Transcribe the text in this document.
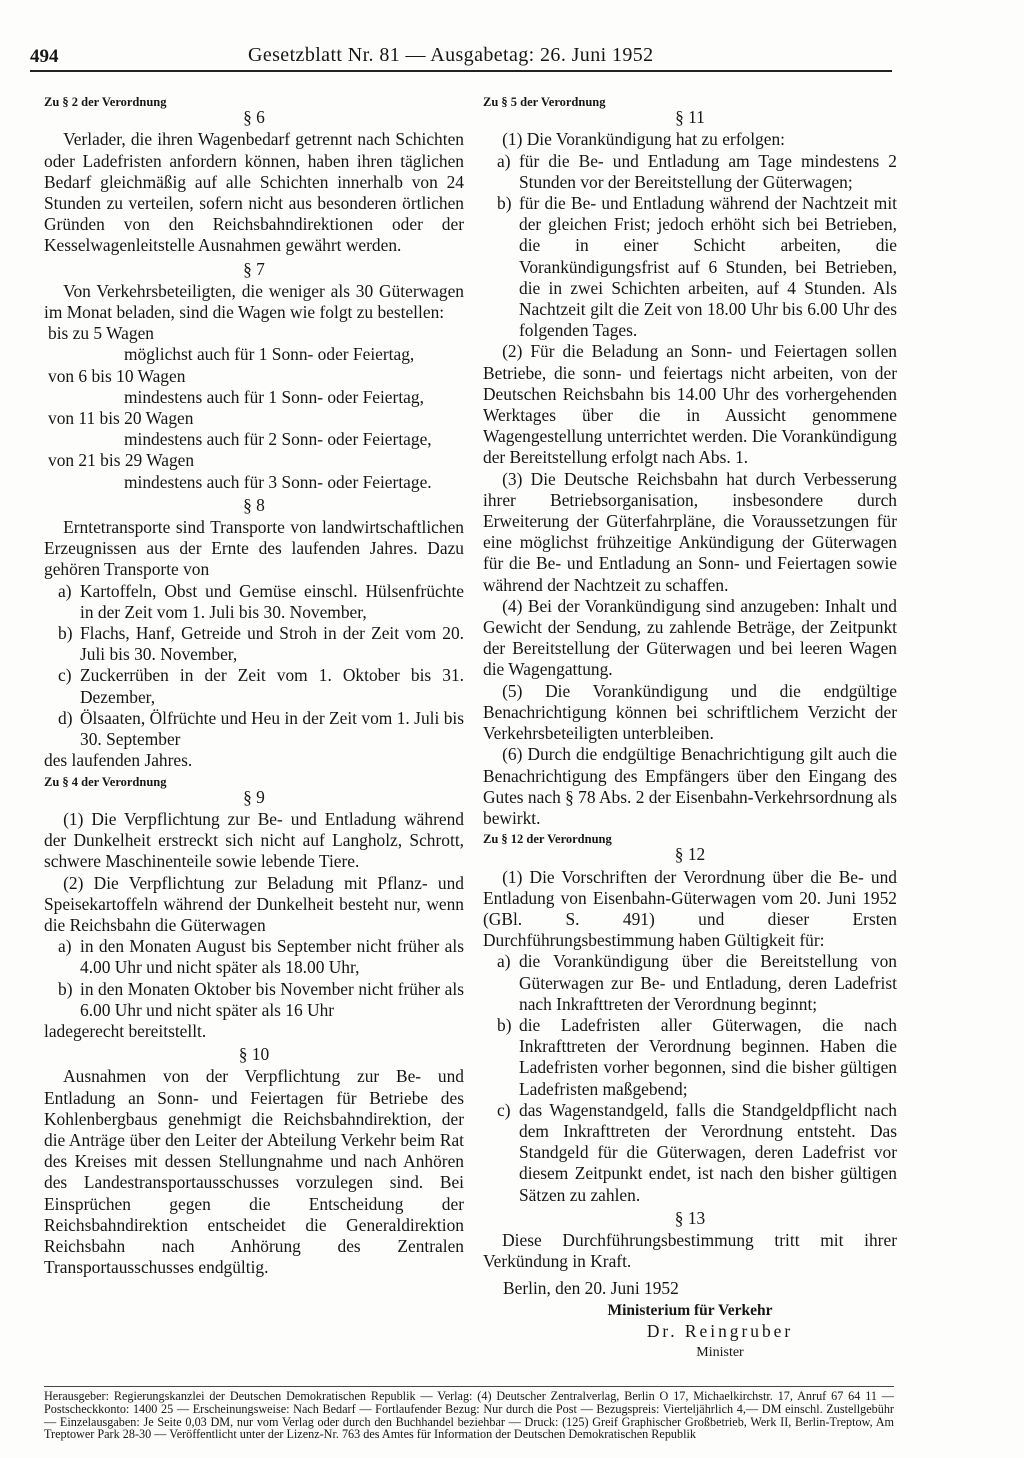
494	Gesetzblatt Nr. 81 — Ausgabetag: 26. Juni 1952
Zu § 2 der Verordnung
§ 6

Verlader, die ihren Wagenbedarf getrennt nach Schichten oder Ladefristen anfordern können, haben ihren täglichen Bedarf gleichmäßig auf alle Schichten innerhalb von 24 Stunden zu verteilen, sofern nicht aus besonderen örtlichen Gründen von den Reichsbahndirektionen oder der Kesselwagenleitstelle Ausnahmen gewährt werden.

§ 7

Von Verkehrsbeteiligten, die weniger als 30 Güterwagen im Monat beladen, sind die Wagen wie folgt zu bestellen:

bis zu 5 Wagen
möglichst auch für 1 Sonn- oder Feiertag,
von 6 bis 10 Wagen
mindestens auch für 1 Sonn- oder Feiertag,
von 11 bis 20 Wagen
mindestens auch für 2 Sonn- oder Feiertage,
von 21 bis 29 Wagen
mindestens auch für 3 Sonn- oder Feiertage.
§ 8

Erntetransporte sind Transporte von landwirtschaftlichen Erzeugnissen aus der Ernte des laufenden Jahres. Dazu gehören Transporte von

a) Kartoffeln, Obst und Gemüse einschl. Hülsenfrüchte in der Zeit vom 1. Juli bis 30. November,
b) Flachs, Hanf, Getreide und Stroh in der Zeit vom 20. Juli bis 30. November,
c) Zuckerrüben in der Zeit vom 1. Oktober bis 31. Dezember,
d) Ölsaaten, Ölfrüchte und Heu in der Zeit vom 1. Juli bis 30. September

des laufenden Jahres.

Zu § 4 der Verordnung
§ 9

(1) Die Verpflichtung zur Be- und Entladung während der Dunkelheit erstreckt sich nicht auf Langholz, Schrott, schwere Maschinenteile sowie lebende Tiere.

(2) Die Verpflichtung zur Beladung mit Pflanz- und Speisekartoffeln während der Dunkelheit besteht nur, wenn die Reichsbahn die Güterwagen

a) in den Monaten August bis September nicht früher als 4.00 Uhr und nicht später als 18.00 Uhr,
b) in den Monaten Oktober bis November nicht früher als 6.00 Uhr und nicht später als 16 Uhr

ladegerecht bereitstellt.

§ 10

Ausnahmen von der Verpflichtung zur Be- und Entladung an Sonn- und Feiertagen für Betriebe des Kohlenbergbaus genehmigt die Reichsbahndirektion, der die Anträge über den Leiter der Abteilung Verkehr beim Rat des Kreises mit dessen Stellungnahme und nach Anhören des Landestransportausschusses vorzulegen sind. Bei Einsprüchen gegen die Entscheidung der Reichsbahndirektion entscheidet die Generaldirektion Reichsbahn nach Anhörung des Zentralen Transportausschusses endgültig.

Zu § 5 der Verordnung
§ 11

(1) Die Vorankündigung hat zu erfolgen:

a) für die Be- und Entladung am Tage mindestens 2 Stunden vor der Bereitstellung der Güterwagen;
b) für die Be- und Entladung während der Nachtzeit mit der gleichen Frist; jedoch erhöht sich bei Betrieben, die in einer Schicht arbeiten, die Vorankündigungsfrist auf 6 Stunden, bei Betrieben, die in zwei Schichten arbeiten, auf 4 Stunden. Als Nachtzeit gilt die Zeit von 18.00 Uhr bis 6.00 Uhr des folgenden Tages.

(2) Für die Beladung an Sonn- und Feiertagen sollen Betriebe, die sonn- und feiertags nicht arbeiten, von der Deutschen Reichsbahn bis 14.00 Uhr des vorhergehenden Werktages über die in Aussicht genommene Wagengestellung unterrichtet werden. Die Vorankündigung der Bereitstellung erfolgt nach Abs. 1.

(3) Die Deutsche Reichsbahn hat durch Verbesserung ihrer Betriebsorganisation, insbesondere durch Erweiterung der Güterfahrpläne, die Voraussetzungen für eine möglichst frühzeitige Ankündigung der Güterwagen für die Be- und Entladung an Sonn- und Feiertagen sowie während der Nachtzeit zu schaffen.

(4) Bei der Vorankündigung sind anzugeben: Inhalt und Gewicht der Sendung, zu zahlende Beträge, der Zeitpunkt der Bereitstellung der Güterwagen und bei leeren Wagen die Wagengattung.

(5) Die Vorankündigung und die endgültige Benachrichtigung können bei schriftlichem Verzicht der Verkehrsbeteiligten unterbleiben.

(6) Durch die endgültige Benachrichtigung gilt auch die Benachrichtigung des Empfängers über den Eingang des Gutes nach § 78 Abs. 2 der Eisenbahn-Verkehrsordnung als bewirkt.

Zu § 12 der Verordnung
§ 12

(1) Die Vorschriften der Verordnung über die Be- und Entladung von Eisenbahn-Güterwagen vom 20. Juni 1952 (GBl. S. 491) und dieser Ersten Durchführungsbestimmung haben Gültigkeit für:

a) die Vorankündigung über die Bereitstellung von Güterwagen zur Be- und Entladung, deren Ladefrist nach Inkrafttreten der Verordnung beginnt;
b) die Ladefristen aller Güterwagen, die nach Inkrafttreten der Verordnung beginnen. Haben die Ladefristen vorher begonnen, sind die bisher gültigen Ladefristen maßgebend;
c) das Wagenstandgeld, falls die Standgeldpflicht nach dem Inkrafttreten der Verordnung entsteht. Das Standgeld für die Güterwagen, deren Ladefrist vor diesem Zeitpunkt endet, ist nach den bisher gültigen Sätzen zu zahlen.
§ 13

Diese Durchführungsbestimmung tritt mit ihrer Verkündung in Kraft.

Berlin, den 20. Juni 1952

Ministerium für Verkehr
Dr. Reingruber
Minister
Herausgeber: Regierungskanzlei der Deutschen Demokratischen Republik — Verlag: (4) Deutscher Zentralverlag, Berlin O 17, Michaelkirchstr. 17, Anruf 67 64 11 — Postscheckkonto: 1400 25 — Erscheinungsweise: Nach Bedarf — Fortlaufender Bezug: Nur durch die Post — Bezugspreis: Vierteljährlich 4,— DM einschl. Zustellgebühr — Einzelausgaben: Je Seite 0,03 DM, nur vom Verlag oder durch den Buchhandel beziehbar — Druck: (125) Greif Graphischer Großbetrieb, Werk II, Berlin-Treptow, Am Treptower Park 28-30 — Veröffentlicht unter der Lizenz-Nr. 763 des Amtes für Information der Deutschen Demokratischen Republik
